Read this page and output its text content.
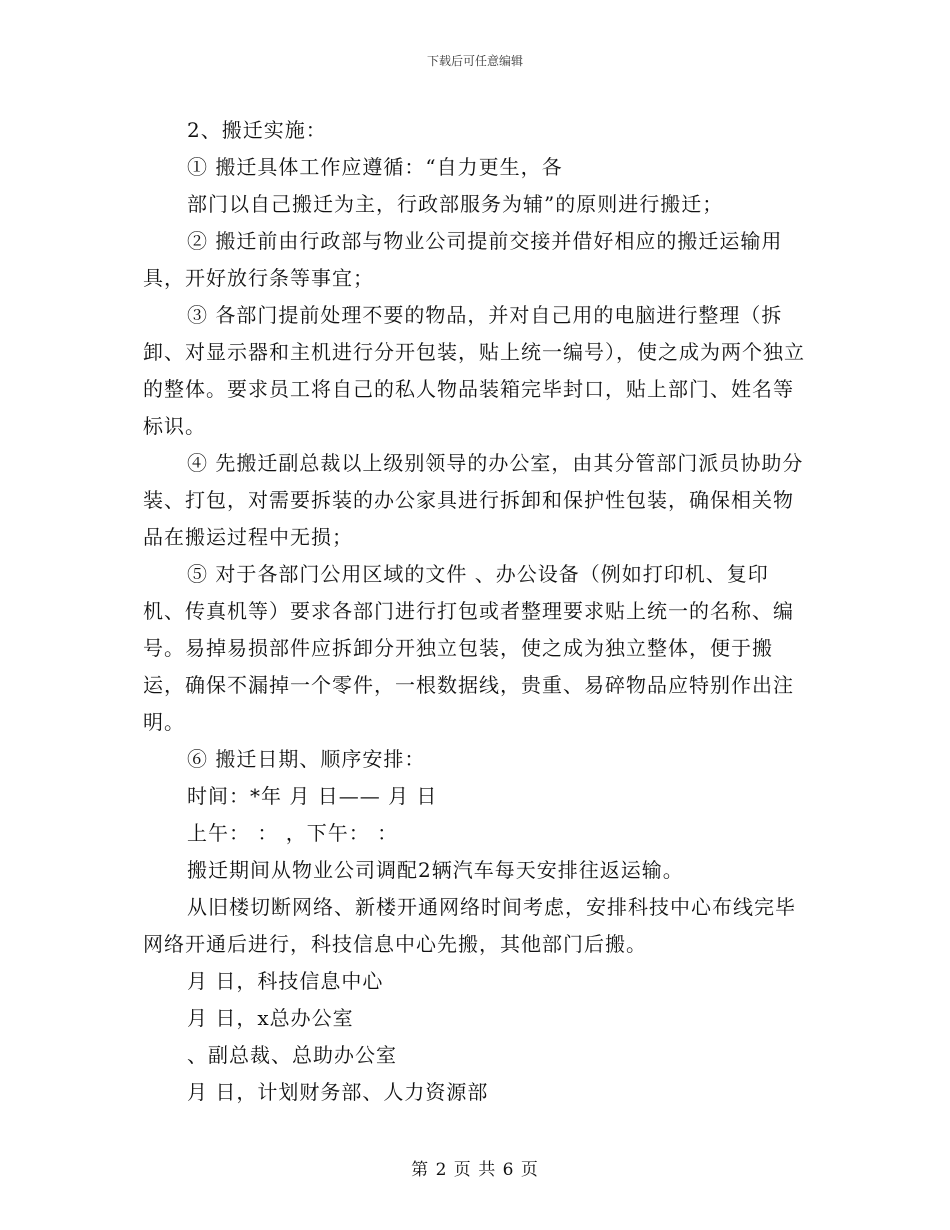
下载后可任意编辑

2、搬迁实施：

① 搬迁具体工作应遵循：“自力更生，各

部门以自己搬迁为主，行政部服务为辅”的原则进行搬迁；

② 搬迁前由行政部与物业公司提前交接并借好相应的搬迁运输用具，开好放行条等事宜；

③ 各部门提前处理不要的物品，并对自己用的电脑进行整理（拆卸、对显示器和主机进行分开包装，贴上统一编号），使之成为两个独立的整体。要求员工将自己的私人物品装箱完毕封口，贴上部门、姓名等标识。

④ 先搬迁副总裁以上级别领导的办公室，由其分管部门派员协助分装、打包，对需要拆装的办公家具进行拆卸和保护性包装，确保相关物品在搬运过程中无损；

⑤ 对于各部门公用区域的文件 、办公设备（例如打印机、复印机、传真机等）要求各部门进行打包或者整理要求贴上统一的名称、编号。易掉易损部件应拆卸分开独立包装，使之成为独立整体，便于搬运，确保不漏掉一个零件，一根数据线，贵重、易碎物品应特别作出注明。

⑥ 搬迁日期、顺序安排：

时间：*年 月 日—— 月 日

上午： ： ，下午： ：

搬迁期间从物业公司调配2辆汽车每天安排往返运输。

从旧楼切断网络、新楼开通网络时间考虑，安排科技中心布线完毕网络开通后进行，科技信息中心先搬，其他部门后搬。

月 日，科技信息中心

月 日，x总办公室

、副总裁、总助办公室

月 日，计划财务部、人力资源部

第 2 页 共 6 页
